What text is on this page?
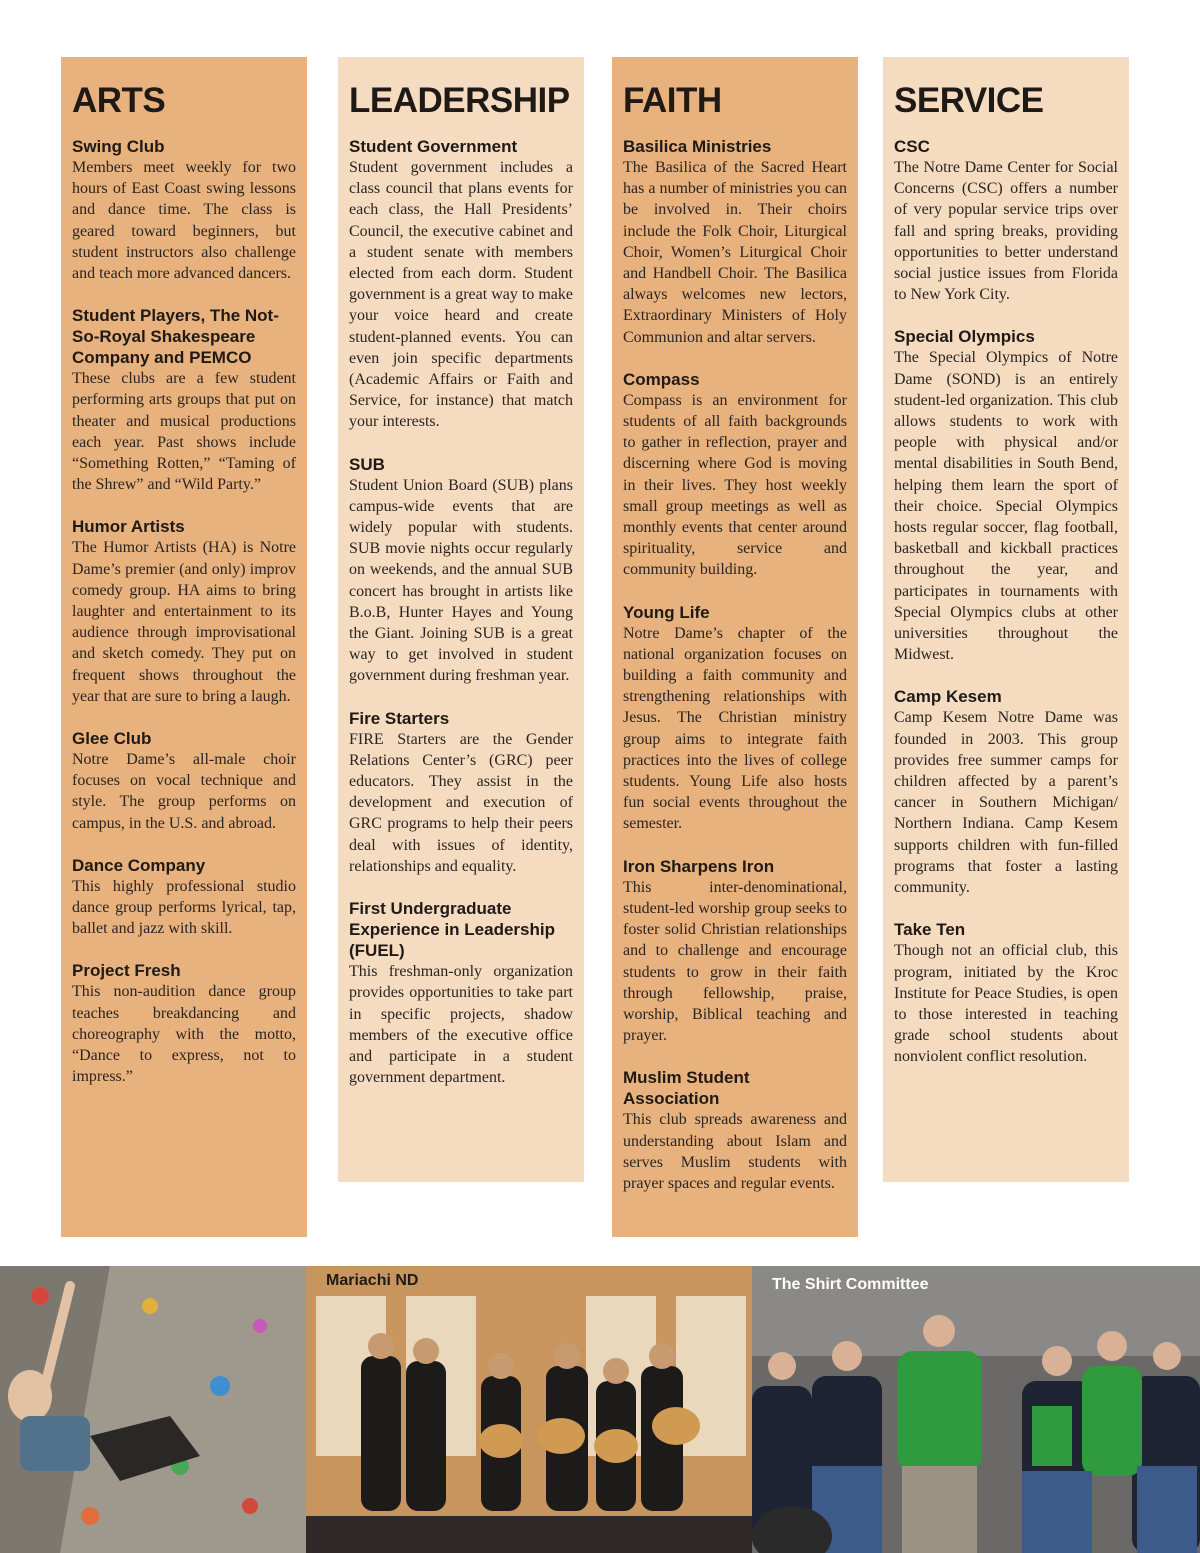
ARTS
Swing Club

Members meet weekly for two hours of East Coast swing lessons and dance time. The class is geared toward beginners, but student instructors also challenge and teach more advanced dancers.

Student Players, The Not-So-Royal Shakespeare Company and PEMCO

These clubs are a few student performing arts groups that put on theater and musical productions each year. Past shows include “Something Rotten,” “Taming of the Shrew” and “Wild Party.”

Humor Artists

The Humor Artists (HA) is Notre Dame’s premier (and only) improv comedy group. HA aims to bring laughter and entertainment to its audience through improvisational and sketch comedy. They put on frequent shows throughout the year that are sure to bring a laugh.

Glee Club

Notre Dame’s all-male choir focuses on vocal technique and style. The group performs on campus, in the U.S. and abroad.

Dance Company

This highly professional studio dance group performs lyrical, tap, ballet and jazz with skill.

Project Fresh

This non-audition dance group teaches breakdancing and choreography with the motto, “Dance to express, not to impress.”

LEADERSHIP
Student Government

Student government includes a class council that plans events for each class, the Hall Presidents’ Council, the executive cabinet and a student senate with members elected from each dorm. Student government is a great way to make your voice heard and create student-planned events. You can even join specific departments (Academic Affairs or Faith and Service, for instance) that match your interests.

SUB

Student Union Board (SUB) plans campus-wide events that are widely popular with students. SUB movie nights occur regularly on weekends, and the annual SUB concert has brought in artists like B.o.B, Hunter Hayes and Young the Giant. Joining SUB is a great way to get involved in student government during freshman year.

Fire Starters

FIRE Starters are the Gender Relations Center’s (GRC) peer educators. They assist in the development and execution of GRC programs to help their peers deal with issues of identity, relationships and equality.

First Undergraduate Experience in Leadership (FUEL)

This freshman-only organization provides opportunities to take part in specific projects, shadow members of the executive office and participate in a student government department.

FAITH
Basilica Ministries

The Basilica of the Sacred Heart has a number of ministries you can be involved in. Their choirs include the Folk Choir, Liturgical Choir, Women’s Liturgical Choir and Handbell Choir. The Basilica always welcomes new lectors, Extraordinary Ministers of Holy Communion and altar servers.

Compass

Compass is an environment for students of all faith backgrounds to gather in reflection, prayer and discerning where God is moving in their lives. They host weekly small group meetings as well as monthly events that center around spirituality, service and community building.

Young Life

Notre Dame’s chapter of the national organization focuses on building a faith community and strengthening relationships with Jesus. The Christian ministry group aims to integrate faith practices into the lives of college students. Young Life also hosts fun social events throughout the semester.

Iron Sharpens Iron

This inter-denominational, student-led worship group seeks to foster solid Christian relationships and to challenge and encourage students to grow in their faith through fellowship, praise, worship, Biblical teaching and prayer.

Muslim Student Association

This club spreads awareness and understanding about Islam and serves Muslim students with prayer spaces and regular events.

SERVICE
CSC

The Notre Dame Center for Social Concerns (CSC) offers a number of very popular service trips over fall and spring breaks, providing opportunities to better understand social justice issues from Florida to New York City.

Special Olympics

The Special Olympics of Notre Dame (SOND) is an entirely student-led organization. This club allows students to work with people with physical and/or mental disabilities in South Bend, helping them learn the sport of their choice. Special Olympics hosts regular soccer, flag football, basketball and kickball practices throughout the year, and participates in tournaments with Special Olympics clubs at other universities throughout the Midwest.

Camp Kesem

Camp Kesem Notre Dame was founded in 2003. This group provides free summer camps for children affected by a parent’s cancer in Southern Michigan/ Northern Indiana. Camp Kesem supports children with fun-filled programs that foster a lasting community.

Take Ten

Though not an official club, this program, initiated by the Kroc Institute for Peace Studies, is open to those interested in teaching grade school students about nonviolent conflict resolution.

Mariachi ND	The Shirt Committee
